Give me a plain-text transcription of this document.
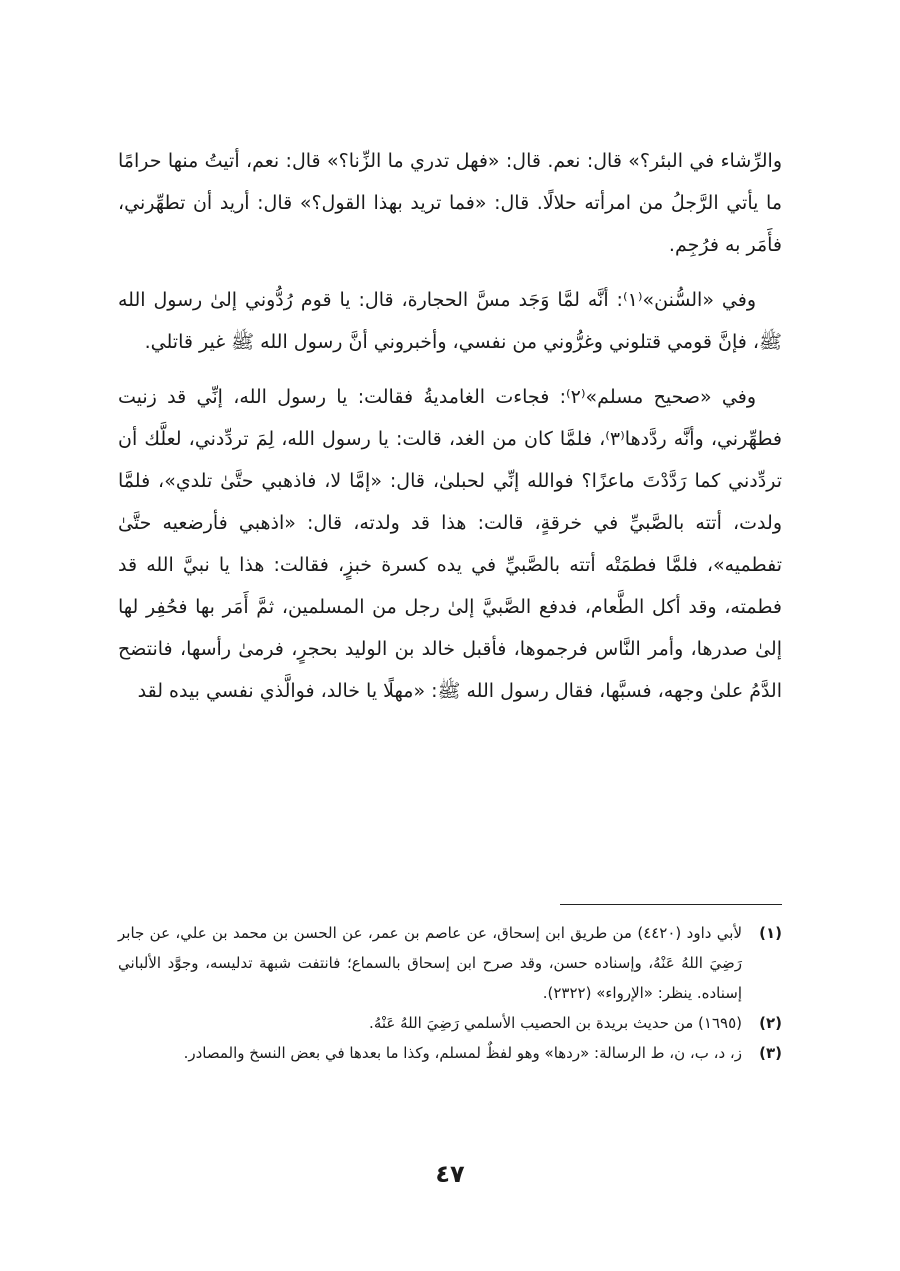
والرِّشاء في البئر؟» قال: نعم. قال: «فهل تدري ما الزِّنا؟» قال: نعم، أتيتُ منها حرامًا ما يأتي الرَّجلُ من امرأته حلالًا. قال: «فما تريد بهذا القول؟» قال: أريد أن تطهِّرني، فأَمَر به فرُجِم.

وفي «السُّنن»⁽١⁾: أنَّه لمَّا وَجَد مسَّ الحجارة، قال: يا قوم رُدُّوني إلىٰ رسول الله ﷺ، فإنَّ قومي قتلوني وغرُّوني من نفسي، وأخبروني أنَّ رسول الله ﷺ غير قاتلي.

وفي «صحيح مسلم»⁽٢⁾: فجاءت الغامديةُ فقالت: يا رسول الله، إنِّي قد زنيت فطهِّرني، وأنَّه ردَّدها⁽٣⁾، فلمَّا كان من الغد، قالت: يا رسول الله، لِمَ تردِّدني، لعلَّك أن تردِّدني كما رَدَّدْتَ ماعزًا؟ فوالله إنِّي لحبلىٰ، قال: «إمَّا لا، فاذهبي حتَّىٰ تلدي»، فلمَّا ولدت، أتته بالصَّبيِّ في خرقةٍ، قالت: هذا قد ولدته، قال: «اذهبي فأرضعيه حتَّىٰ تفطميه»، فلمَّا فطمَتْه أتته بالصَّبيِّ في يده كسرة خبزٍ، فقالت: هذا يا نبيَّ الله قد فطمته، وقد أكل الطَّعام، فدفع الصَّبيَّ إلىٰ رجل من المسلمين، ثمَّ أَمَر بها فحُفِر لها إلىٰ صدرها، وأمر النَّاس فرجموها، فأقبل خالد بن الوليد بحجرٍ، فرمىٰ رأسها، فانتضح الدَّمُ علىٰ وجهه، فسبَّها، فقال رسول الله ﷺ: «مهلًا يا خالد، فوالَّذي نفسي بيده لقد

(١)
لأبي داود (٤٤٢٠) من طريق ابن إسحاق، عن عاصم بن عمر، عن الحسن بن محمد بن علي، عن جابر رَضِيَ اللهُ عَنْهُ، وإسناده حسن، وقد صرح ابن إسحاق بالسماع؛ فانتفت شبهة تدليسه، وجوَّد الألباني إسناده. ينظر: «الإرواء» (٢٣٢٢).
(٢)
(١٦٩٥) من حديث بريدة بن الحصيب الأسلمي رَضِيَ اللهُ عَنْهُ.
(٣)
ز، د، ب، ن، ط الرسالة: «ردها» وهو لفظٌ لمسلم، وكذا ما بعدها في بعض النسخ والمصادر.
٤٧
